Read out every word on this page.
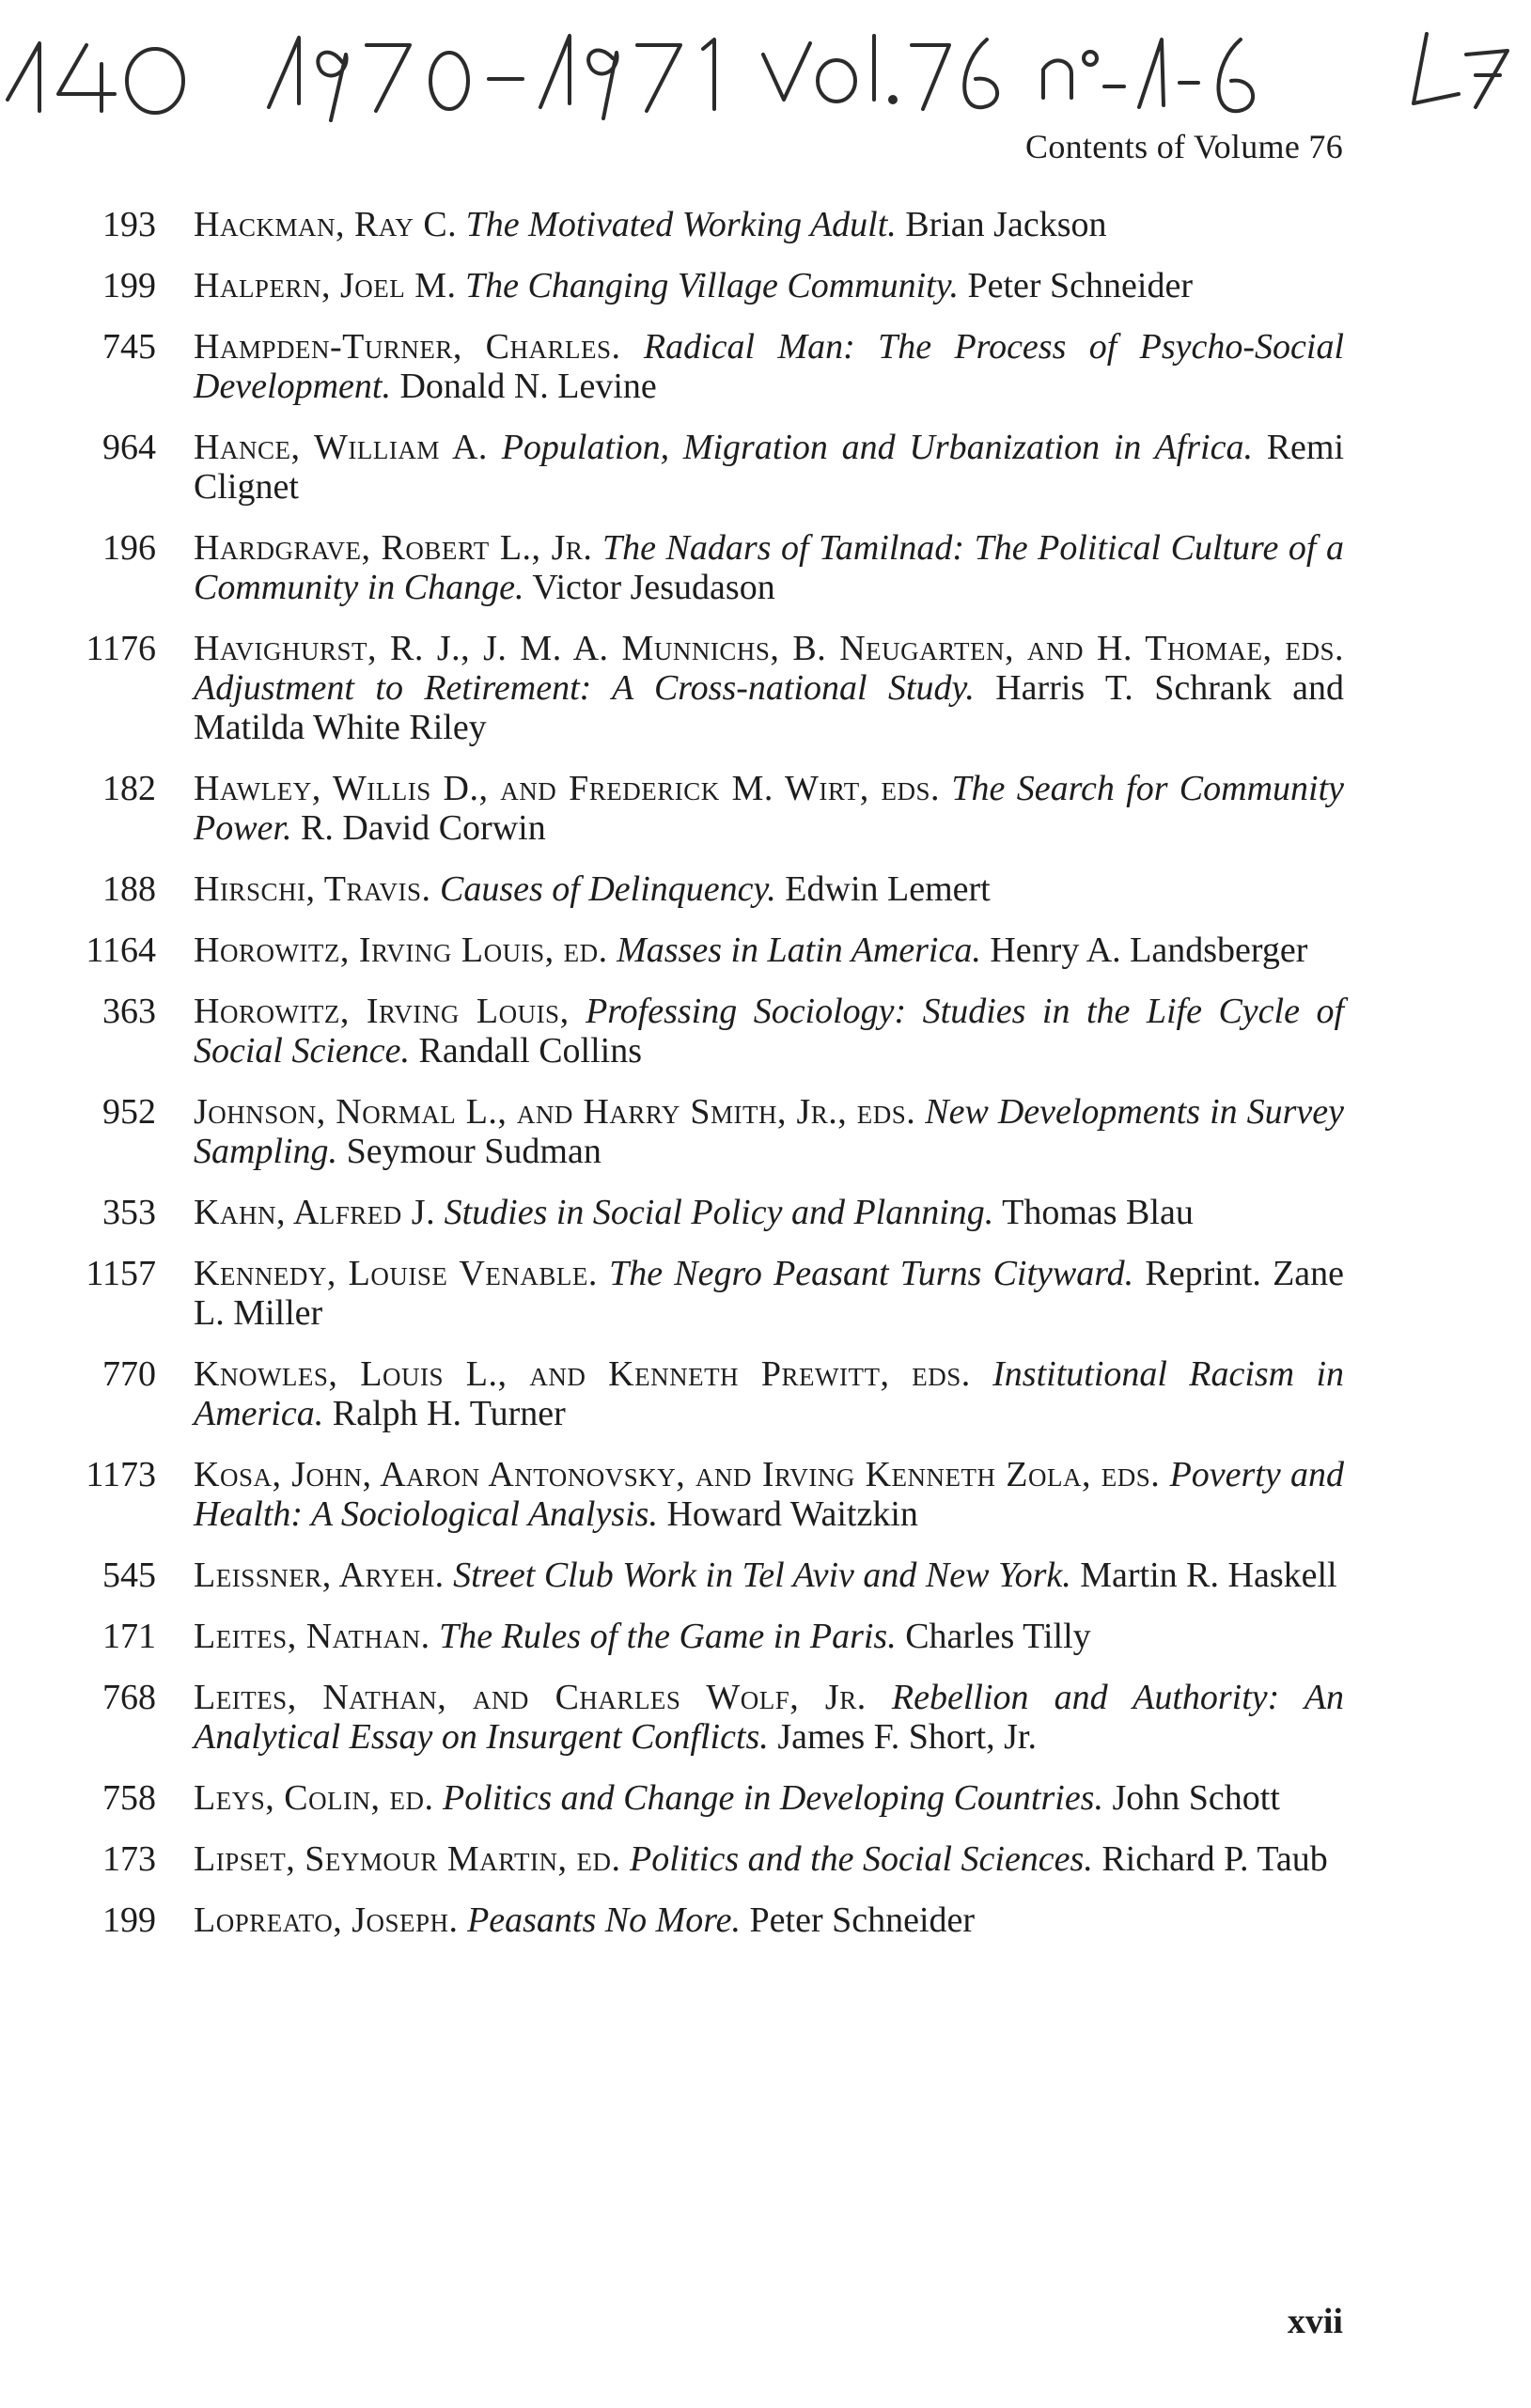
Contents of Volume 76
193	Hackman, Ray C. The Motivated Working Adult. Brian Jackson
199	Halpern, Joel M. The Changing Village Community. Peter Schneider
745	Hampden-Turner, Charles. Radical Man: The Process of Psycho-Social Development. Donald N. Levine
964	Hance, William A. Population, Migration and Urbanization in Africa. Remi Clignet
196	Hardgrave, Robert L., Jr. The Nadars of Tamilnad: The Political Culture of a Community in Change. Victor Jesudason
1176	Havighurst, R. J., J. M. A. Munnichs, B. Neugarten, and H. Thomae, eds. Adjustment to Retirement: A Cross-national Study. Harris T. Schrank and Matilda White Riley
182	Hawley, Willis D., and Frederick M. Wirt, eds. The Search for Community Power. R. David Corwin
188	Hirschi, Travis. Causes of Delinquency. Edwin Lemert
1164	Horowitz, Irving Louis, ed. Masses in Latin America. Henry A. Landsberger
363	Horowitz, Irving Louis, Professing Sociology: Studies in the Life Cycle of Social Science. Randall Collins
952	Johnson, Normal L., and Harry Smith, Jr., eds. New Developments in Survey Sampling. Seymour Sudman
353	Kahn, Alfred J. Studies in Social Policy and Planning. Thomas Blau
1157	Kennedy, Louise Venable. The Negro Peasant Turns Cityward. Reprint. Zane L. Miller
770	Knowles, Louis L., and Kenneth Prewitt, eds. Institutional Racism in America. Ralph H. Turner
1173	Kosa, John, Aaron Antonovsky, and Irving Kenneth Zola, eds. Poverty and Health: A Sociological Analysis. Howard Waitzkin
545	Leissner, Aryeh. Street Club Work in Tel Aviv and New York. Martin R. Haskell
171	Leites, Nathan. The Rules of the Game in Paris. Charles Tilly
768	Leites, Nathan, and Charles Wolf, Jr. Rebellion and Authority: An Analytical Essay on Insurgent Conflicts. James F. Short, Jr.
758	Leys, Colin, ed. Politics and Change in Developing Countries. John Schott
173	Lipset, Seymour Martin, ed. Politics and the Social Sciences. Richard P. Taub
199	Lopreato, Joseph. Peasants No More. Peter Schneider
xvii
